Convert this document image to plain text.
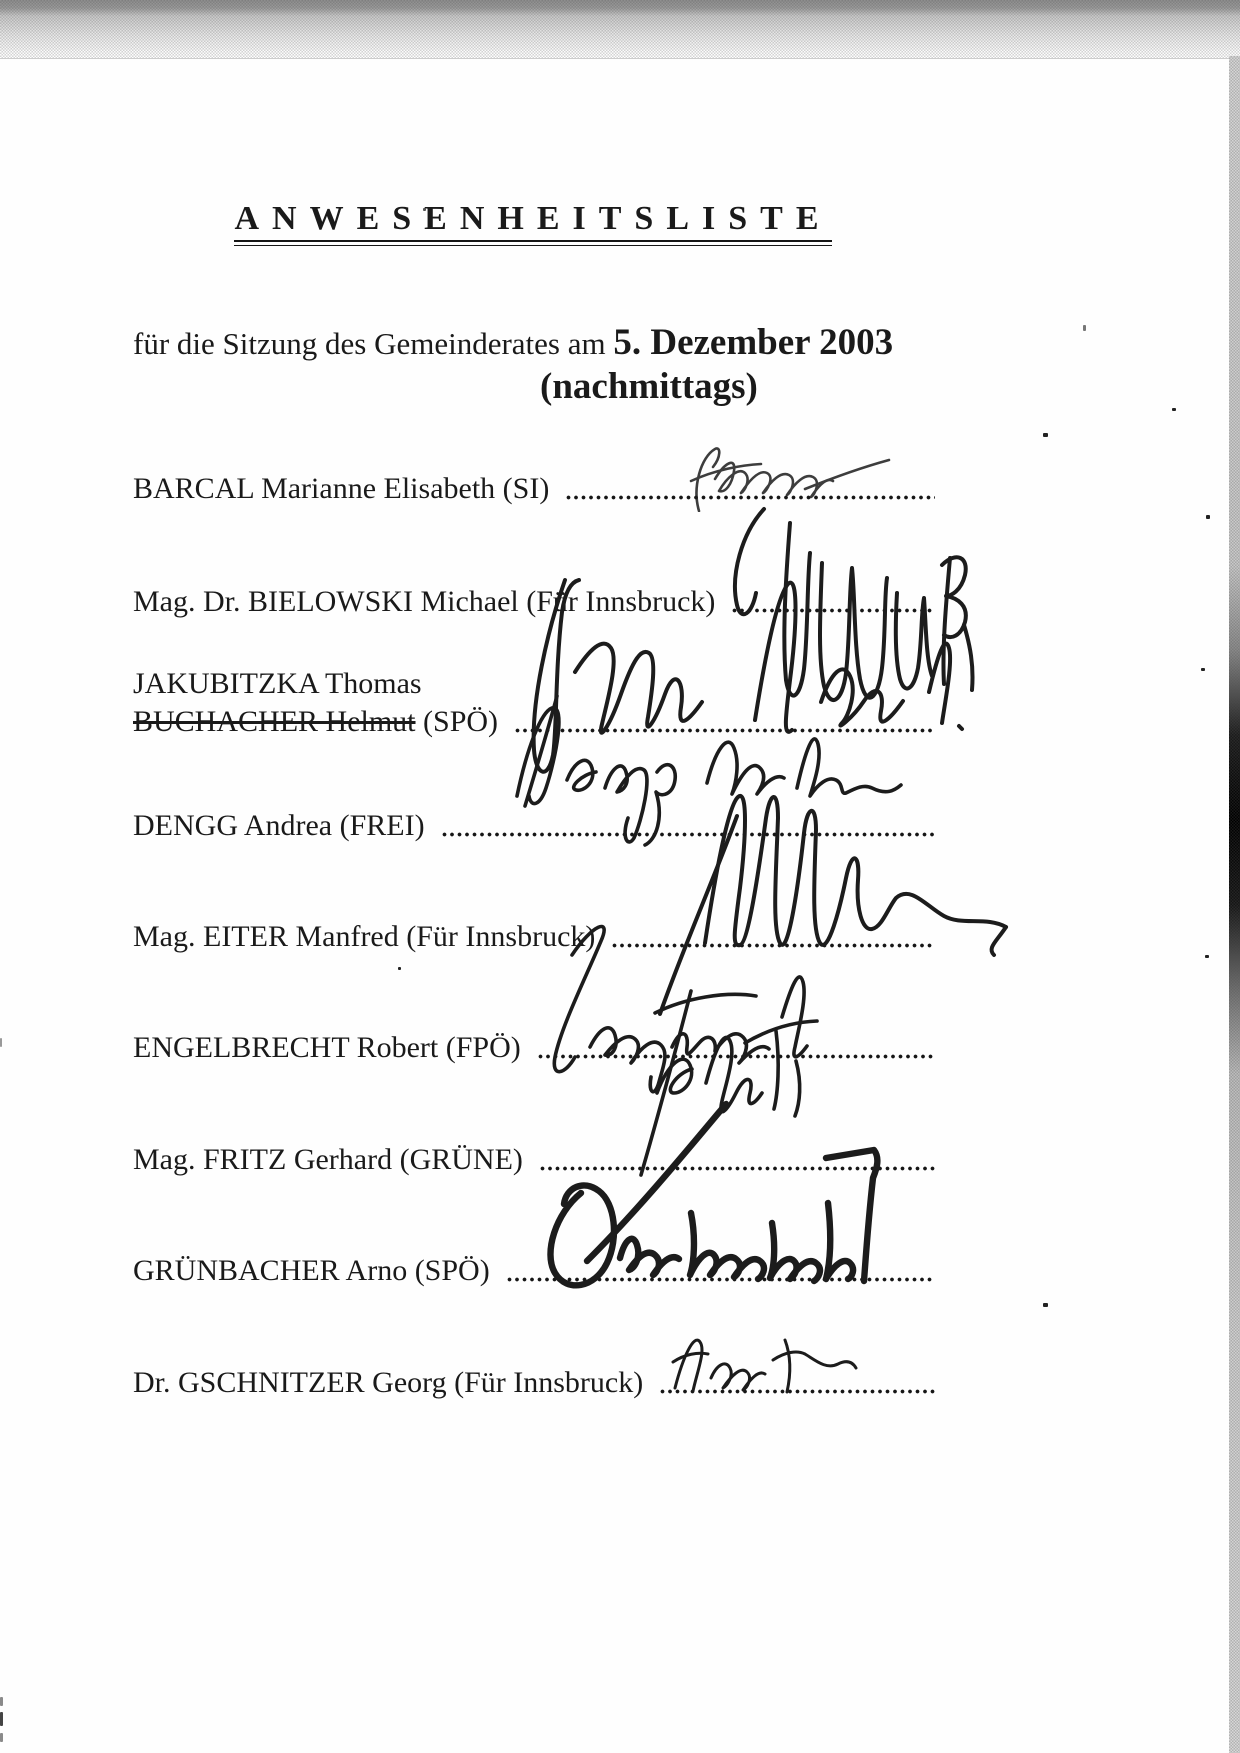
ANWESENHEITSLISTE
für die Sitzung des Gemeinderates am 5. Dezember 2003
(nachmittags)
BARCAL Marianne Elisabeth (SI)
Mag. Dr. BIELOWSKI Michael (Für Innsbruck)
JAKUBITZKA Thomas
BUCHACHER Helmut (SPÖ)
DENGG Andrea (FREI)
Mag. EITER Manfred (Für Innsbruck)
ENGELBRECHT Robert (FPÖ)
Mag. FRITZ Gerhard (GRÜNE)
GRÜNBACHER Arno (SPÖ)
Dr. GSCHNITZER Georg (Für Innsbruck)
